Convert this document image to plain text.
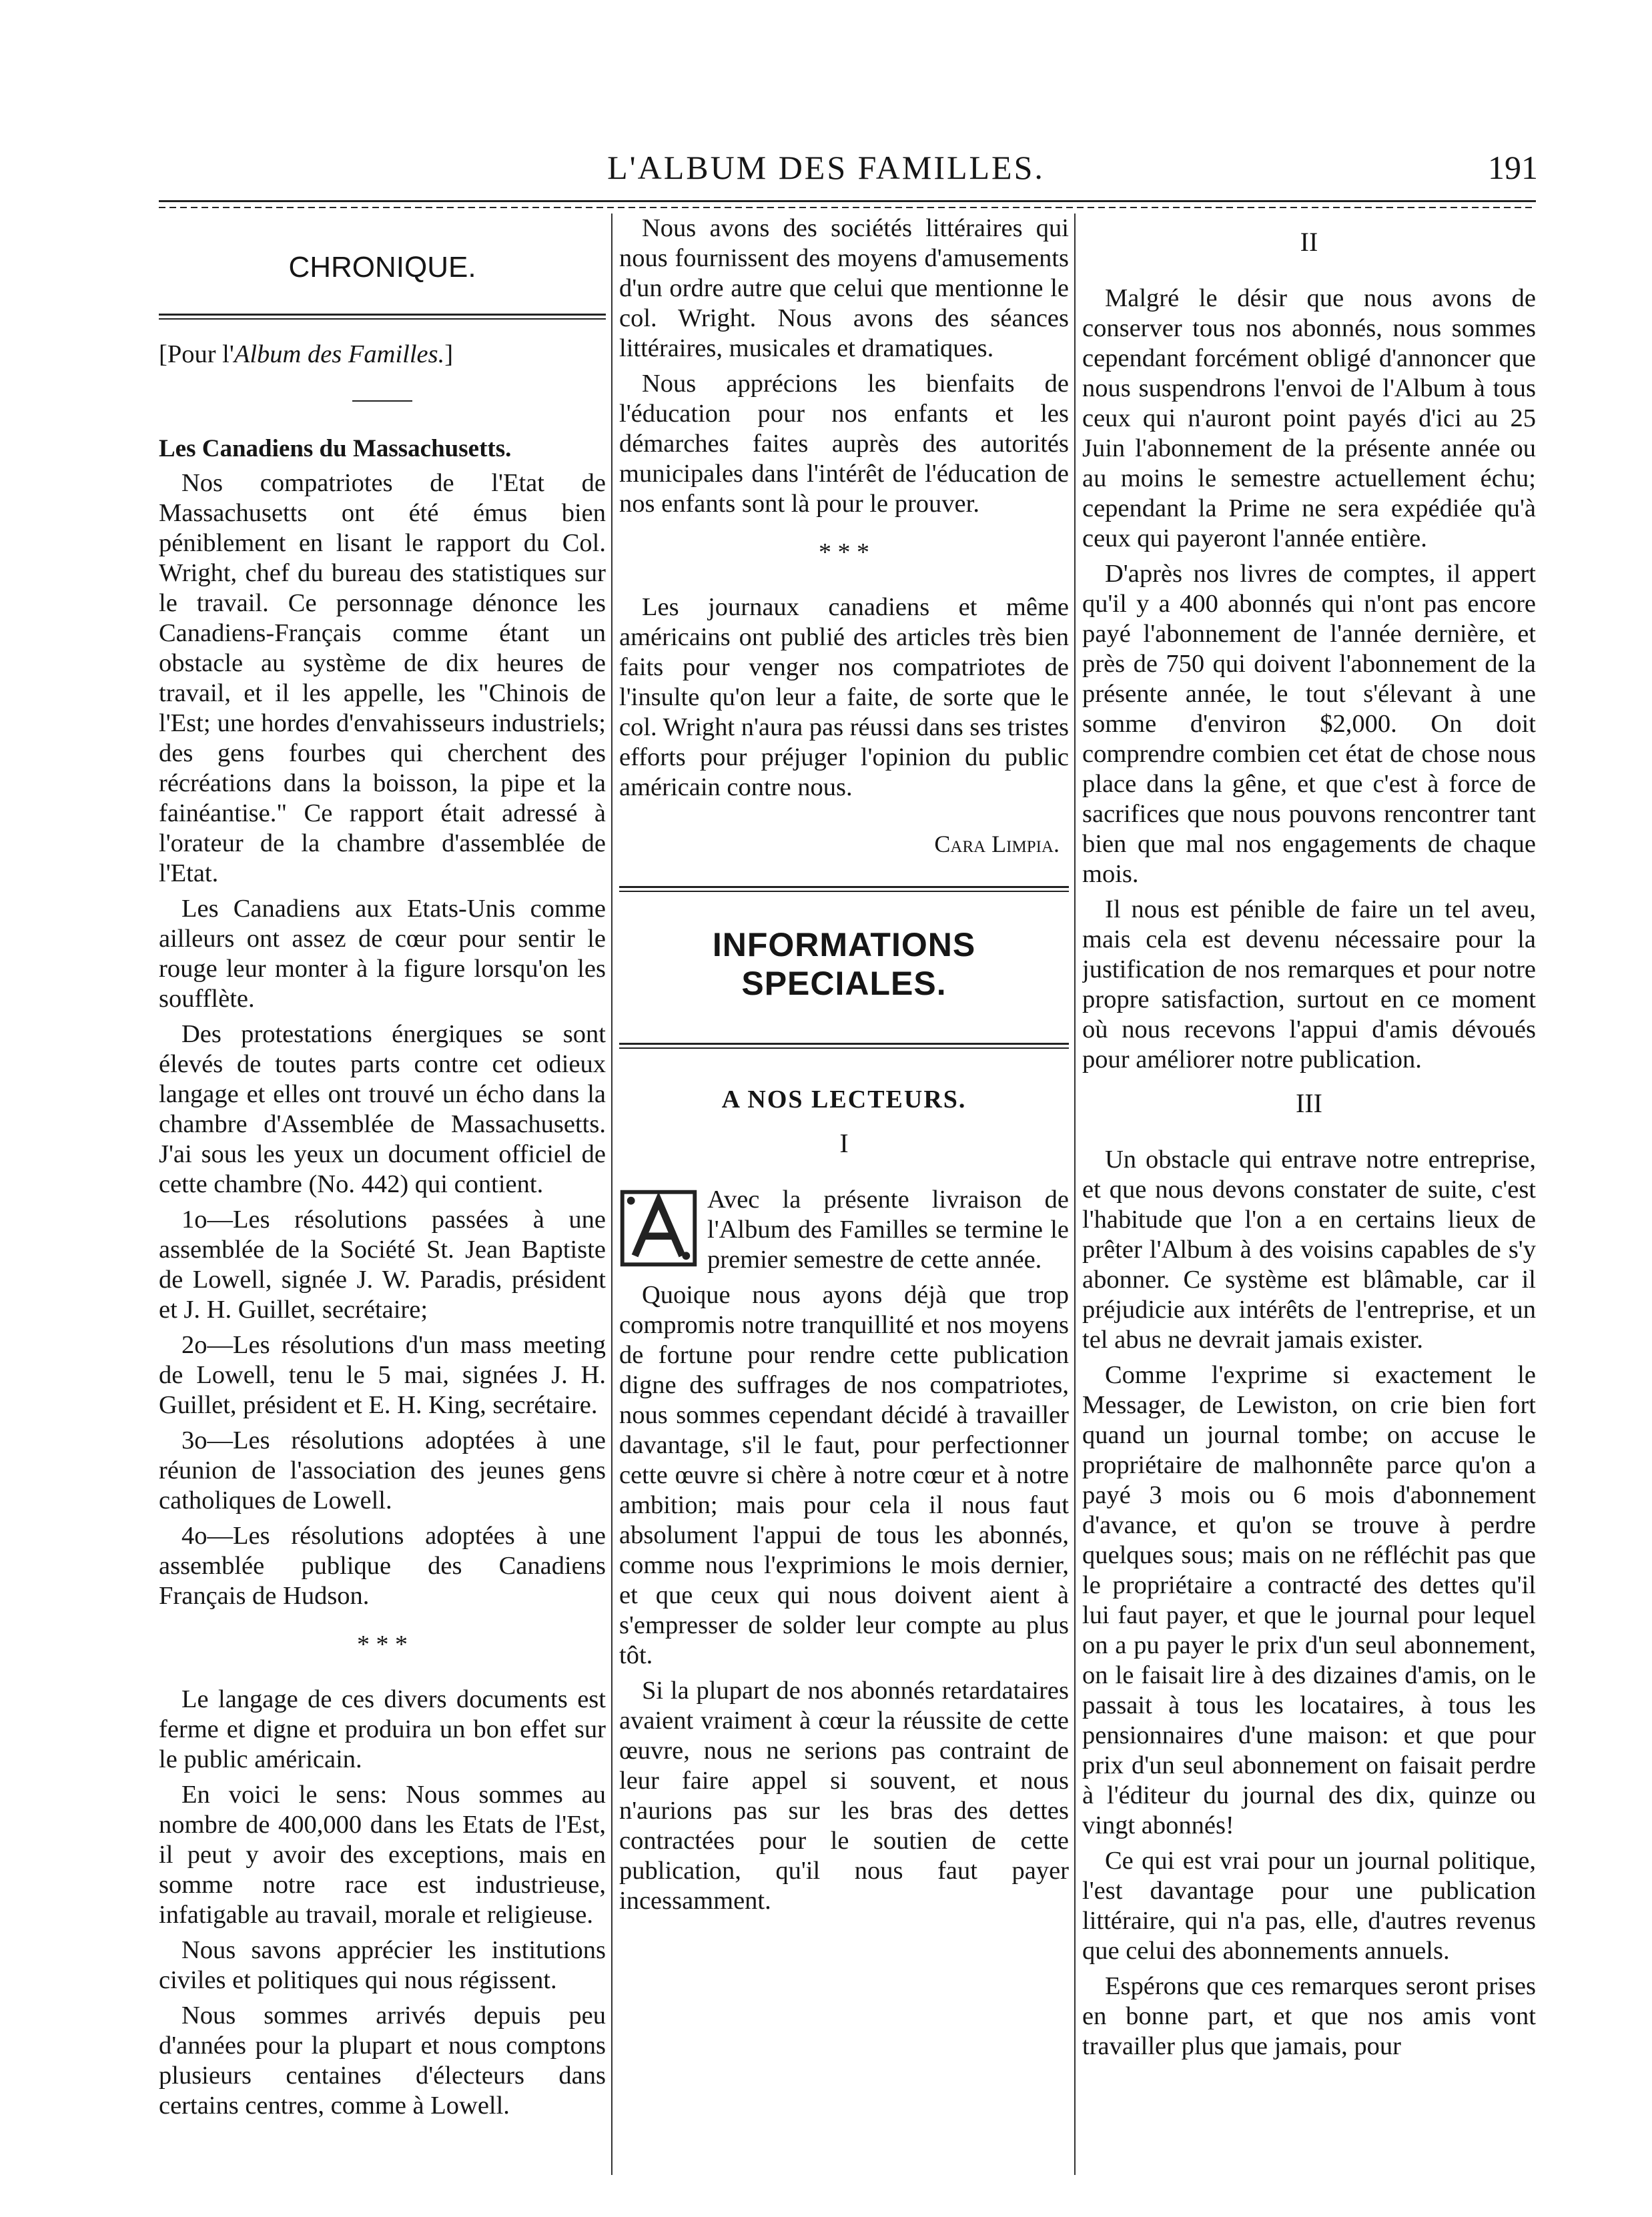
L'ALBUM DES FAMILLES.	191
CHRONIQUE.

[Pour l'Album des Familles.]

Les Canadiens du Massachusetts.

Nos compatriotes de l'Etat de Massachusetts ont été émus bien péniblement en lisant le rapport du Col. Wright, chef du bureau des statistiques sur le travail. Ce personnage dénonce les Canadiens-Français comme étant un obstacle au système de dix heures de travail, et il les appelle, les "Chinois de l'Est; une hordes d'envahisseurs industriels; des gens fourbes qui cherchent des récréations dans la boisson, la pipe et la fainéantise." Ce rapport était adressé à l'orateur de la chambre d'assemblée de l'Etat.

Les Canadiens aux Etats-Unis comme ailleurs ont assez de cœur pour sentir le rouge leur monter à la figure lorsqu'on les soufflète.

Des protestations énergiques se sont élevés de toutes parts contre cet odieux langage et elles ont trouvé un écho dans la chambre d'Assemblée de Massachusetts. J'ai sous les yeux un document officiel de cette chambre (No. 442) qui contient.

1o—Les résolutions passées à une assemblée de la Société St. Jean Baptiste de Lowell, signée J. W. Paradis, président et J. H. Guillet, secrétaire;

2o—Les résolutions d'un mass meeting de Lowell, tenu le 5 mai, signées J. H. Guillet, président et E. H. King, secrétaire.

3o—Les résolutions adoptées à une réunion de l'association des jeunes gens catholiques de Lowell.

4o—Les résolutions adoptées à une assemblée publique des Canadiens Français de Hudson.

* * *

Le langage de ces divers documents est ferme et digne et produira un bon effet sur le public américain.

En voici le sens: Nous sommes au nombre de 400,000 dans les Etats de l'Est, il peut y avoir des exceptions, mais en somme notre race est industrieuse, infatigable au travail, morale et religieuse.

Nous savons apprécier les institutions civiles et politiques qui nous régissent.

Nous sommes arrivés depuis peu d'années pour la plupart et nous comptons plusieurs centaines d'électeurs dans certains centres, comme à Lowell.

Nous avons des sociétés littéraires qui nous fournissent des moyens d'amusements d'un ordre autre que celui que mentionne le col. Wright. Nous avons des séances littéraires, musicales et dramatiques.

Nous apprécions les bienfaits de l'éducation pour nos enfants et les démarches faites auprès des autorités municipales dans l'intérêt de l'éducation de nos enfants sont là pour le prouver.

* * *

Les journaux canadiens et même américains ont publié des articles très bien faits pour venger nos compatriotes de l'insulte qu'on leur a faite, de sorte que le col. Wright n'aura pas réussi dans ses tristes efforts pour préjuger l'opinion du public américain contre nous.

Cara Limpia.
INFORMATIONS SPECIALES.
A NOS LECTEURS.
I

Avec la présente livraison de l'Album des Familles se termine le premier semestre de cette année.

Quoique nous ayons déjà que trop compromis notre tranquillité et nos moyens de fortune pour rendre cette publication digne des suffrages de nos compatriotes, nous sommes cependant décidé à travailler davantage, s'il le faut, pour perfectionner cette œuvre si chère à notre cœur et à notre ambition; mais pour cela il nous faut absolument l'appui de tous les abonnés, comme nous l'exprimions le mois dernier, et que ceux qui nous doivent aient à s'empresser de solder leur compte au plus tôt.

Si la plupart de nos abonnés retardataires avaient vraiment à cœur la réussite de cette œuvre, nous ne serions pas contraint de leur faire appel si souvent, et nous n'aurions pas sur les bras des dettes contractées pour le soutien de cette publication, qu'il nous faut payer incessamment.

II

Malgré le désir que nous avons de conserver tous nos abonnés, nous sommes cependant forcément obligé d'annoncer que nous suspendrons l'envoi de l'Album à tous ceux qui n'auront point payés d'ici au 25 Juin l'abonnement de la présente année ou au moins le semestre actuellement échu; cependant la Prime ne sera expédiée qu'à ceux qui payeront l'année entière.

D'après nos livres de comptes, il appert qu'il y a 400 abonnés qui n'ont pas encore payé l'abonnement de l'année dernière, et près de 750 qui doivent l'abonnement de la présente année, le tout s'élevant à une somme d'environ $2,000. On doit comprendre combien cet état de chose nous place dans la gêne, et que c'est à force de sacrifices que nous pouvons rencontrer tant bien que mal nos engagements de chaque mois.

Il nous est pénible de faire un tel aveu, mais cela est devenu nécessaire pour la justification de nos remarques et pour notre propre satisfaction, surtout en ce moment où nous recevons l'appui d'amis dévoués pour améliorer notre publication.

III

Un obstacle qui entrave notre entreprise, et que nous devons constater de suite, c'est l'habitude que l'on a en certains lieux de prêter l'Album à des voisins capables de s'y abonner. Ce système est blâmable, car il préjudicie aux intérêts de l'entreprise, et un tel abus ne devrait jamais exister.

Comme l'exprime si exactement le Messager, de Lewiston, on crie bien fort quand un journal tombe; on accuse le propriétaire de malhonnête parce qu'on a payé 3 mois ou 6 mois d'abonnement d'avance, et qu'on se trouve à perdre quelques sous; mais on ne réfléchit pas que le propriétaire a contracté des dettes qu'il lui faut payer, et que le journal pour lequel on a pu payer le prix d'un seul abonnement, on le faisait lire à des dizaines d'amis, on le passait à tous les locataires, à tous les pensionnaires d'une maison: et que pour prix d'un seul abonnement on faisait perdre à l'éditeur du journal des dix, quinze ou vingt abonnés!

Ce qui est vrai pour un journal politique, l'est davantage pour une publication littéraire, qui n'a pas, elle, d'autres revenus que celui des abonnements annuels.

Espérons que ces remarques seront prises en bonne part, et que nos amis vont travailler plus que jamais, pour
